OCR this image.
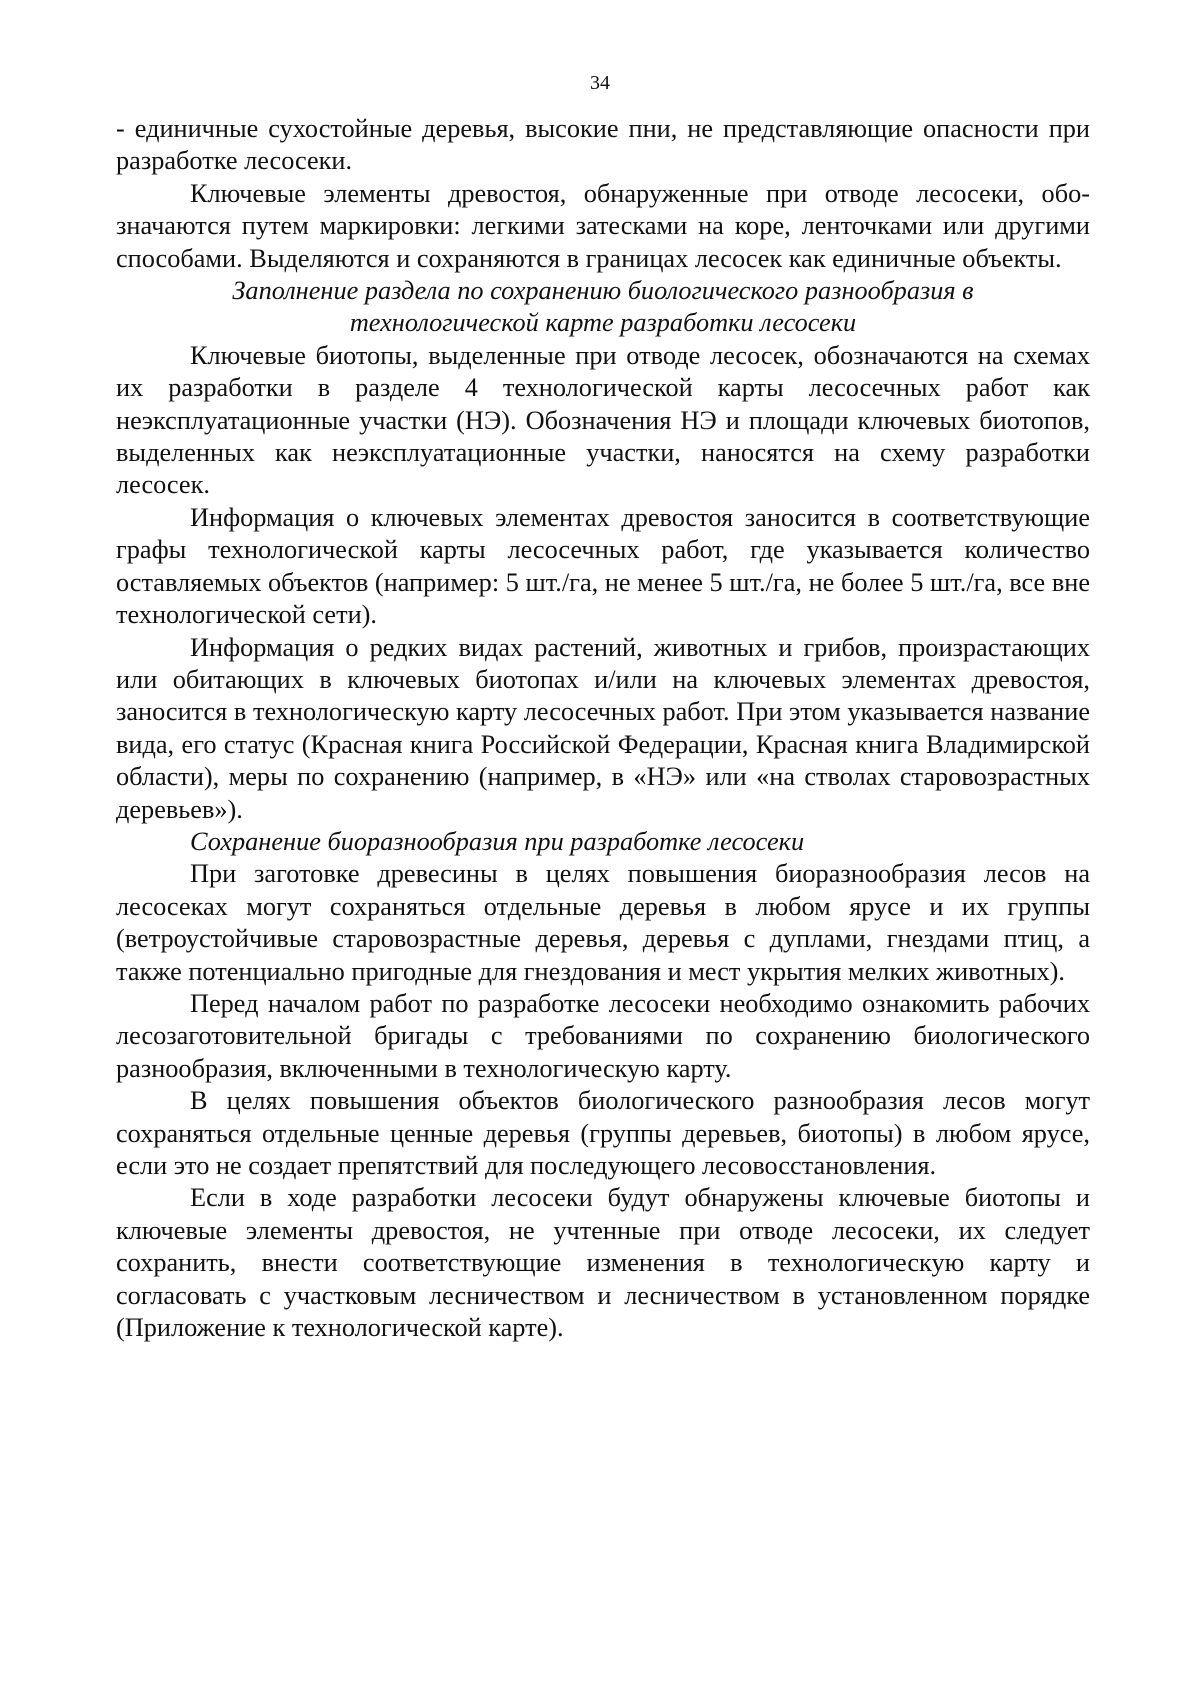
34

- единичные сухостойные деревья, высокие пни, не представляющие опасности при разработке лесосеки.

Ключевые элементы древостоя, обнаруженные при отводе лесосеки, обозначаются путем маркировки: легкими затесками на коре, ленточками или другими способами. Выделяются и сохраняются в границах лесосек как единичные объекты.

Заполнение раздела по сохранению биологического разнообразия в
технологической карте разработки лесосеки

Ключевые биотопы, выделенные при отводе лесосек, обозначаются на схемах их разработки в разделе 4 технологической карты лесосечных работ как неэксплуатационные участки (НЭ). Обозначения НЭ и площади ключевых биотопов, выделенных как неэксплуатационные участки, наносятся на схему разработки лесосек.

Информация о ключевых элементах древостоя заносится в соответствующие графы технологической карты лесосечных работ, где указывается количество оставляемых объектов (например: 5 шт./га, не менее 5 шт./га, не более 5 шт./га, все вне технологической сети).

Информация о редких видах растений, животных и грибов, произрастающих или обитающих в ключевых биотопах и/или на ключевых элементах древостоя, заносится в технологическую карту лесосечных работ. При этом указывается название вида, его статус (Красная книга Российской Федерации, Красная книга Владимирской области), меры по сохранению (например, в «НЭ» или «на стволах старовозрастных деревьев»).

Сохранение биоразнообразия при разработке лесосеки

При заготовке древесины в целях повышения биоразнообразия лесов на лесосеках могут сохраняться отдельные деревья в любом ярусе и их группы (ветроустойчивые старовозрастные деревья, деревья с дуплами, гнездами птиц, а также потенциально пригодные для гнездования и мест укрытия мелких животных).

Перед началом работ по разработке лесосеки необходимо ознакомить рабочих лесозаготовительной бригады с требованиями по сохранению биологического разнообразия, включенными в технологическую карту.

В целях повышения объектов биологического разнообразия лесов могут сохраняться отдельные ценные деревья (группы деревьев, биотопы) в любом ярусе, если это не создает препятствий для последующего лесовосстановления.

Если в ходе разработки лесосеки будут обнаружены ключевые биотопы и ключевые элементы древостоя, не учтенные при отводе лесосеки, их следует сохранить, внести соответствующие изменения в технологическую карту и согласовать с участковым лесничеством и лесничеством в установленном порядке (Приложение к технологической карте).
